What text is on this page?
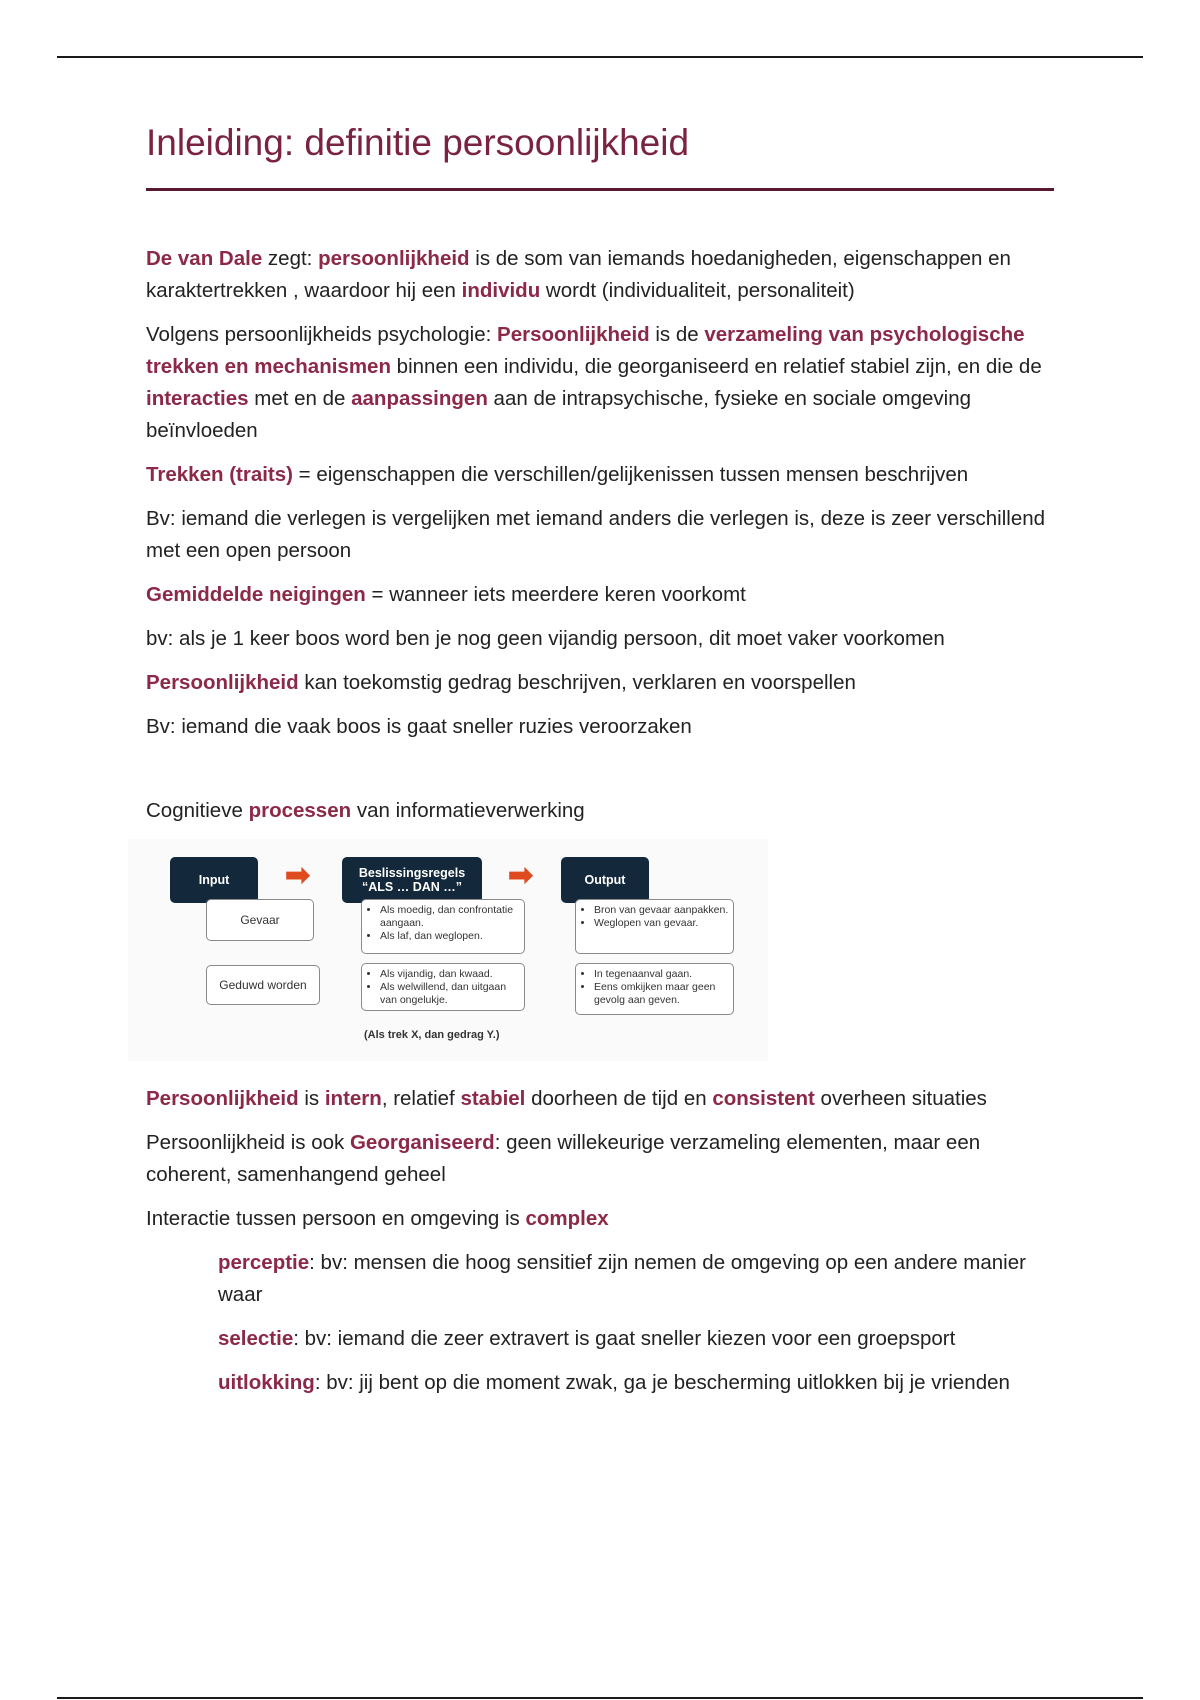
Inleiding: definitie persoonlijkheid

De van Dale zegt: persoonlijkheid is de som van iemands hoedanigheden, eigenschappen en karaktertrekken , waardoor hij een individu wordt (individualiteit, personaliteit)

Volgens persoonlijkheids psychologie: Persoonlijkheid is de verzameling van psychologische trekken en mechanismen binnen een individu, die georganiseerd en relatief stabiel zijn, en die de interacties met en de aanpassingen aan de intrapsychische, fysieke en sociale omgeving beïnvloeden

Trekken (traits) = eigenschappen die verschillen/gelijkenissen tussen mensen beschrijven

Bv: iemand die verlegen is vergelijken met iemand anders die verlegen is, deze is zeer verschillend met een open persoon

Gemiddelde neigingen = wanneer iets meerdere keren voorkomt

bv: als je 1 keer boos word ben je nog geen vijandig persoon, dit moet vaker voorkomen

Persoonlijkheid kan toekomstig gedrag beschrijven, verklaren en voorspellen

Bv: iemand die vaak boos is gaat sneller ruzies veroorzaken

Cognitieve processen van informatieverwerking

Input	➡	Beslissingsregels
“ALS … DAN …” ➡	Output
Gevaar
Geduwd worden
• Als moedig, dan confrontatie aangaan.
• Als laf, dan weglopen.
• Als vijandig, dan kwaad.
• Als welwillend, dan uitgaan van ongelukje.
• Bron van gevaar aanpakken.
• Weglopen van gevaar.
• In tegenaanval gaan.
• Eens omkijken maar geen gevolg aan geven.
(Als trek X, dan gedrag Y.)

Persoonlijkheid is intern, relatief stabiel doorheen de tijd en consistent overheen situaties

Persoonlijkheid is ook Georganiseerd: geen willekeurige verzameling elementen, maar een coherent, samenhangend geheel

Interactie tussen persoon en omgeving is complex

perceptie: bv: mensen die hoog sensitief zijn nemen de omgeving op een andere manier waar

selectie: bv: iemand die zeer extravert is gaat sneller kiezen voor een groepsport

uitlokking: bv: jij bent op die moment zwak, ga je bescherming uitlokken bij je vrienden
